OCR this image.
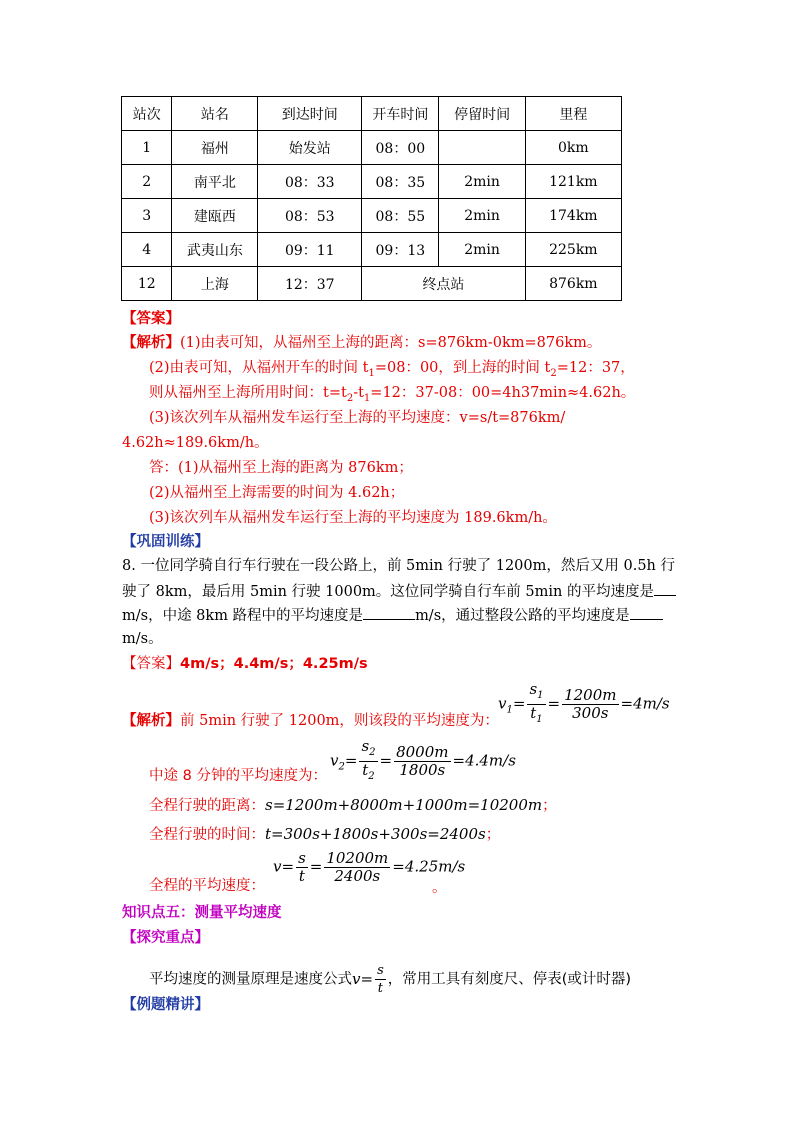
站次	站名	到达时间	开车时间	停留时间	里程
1	福州	始发站	08：00		0km
2	南平北	08：33	08：35	2min	121km
3	建瓯西	08：53	08：55	2min	174km
4	武夷山东	09：11	09：13	2min	225km
12	上海	12：37	终点站		876km
【答案】
【解析】(1)由表可知，从福州至上海的距离：s=876km-0km=876km。
(2)由表可知，从福州开车的时间 $t_1=08$：00，到上海的时间 $t_2=12$：37，
则从福州至上海所用时间：$t=t_2-t_1=12$：37-08：00=4h37min≈4.62h。
(3)该次列车从福州发车运行至上海的平均速度：v=s/t=876km/
4.62h≈189.6km/h。
答：(1)从福州至上海的距离为 876km；
(2)从福州至上海需要的时间为 4.62h；
(3)该次列车从福州发车运行至上海的平均速度为 189.6km/h。
【巩固训练】
8. 一位同学骑自行车行驶在一段公路上，前 5min 行驶了 1200m，然后又用 0.5h 行
驶了 8km，最后用 5min 行驶 1000m。这位同学骑自行车前 5min 的平均速度是
m/s，中途 8km 路程中的平均速度是	m/s，通过整段公路的平均速度是
m/s。
【答案】4m/s；4.4m/s；4.25m/s
$v_1= \frac{s_1}{t_1} = \frac{1200m}{300s} =4m/s$
【解析】前 5min 行驶了 1200m，则该段的平均速度为：
$v_2= \frac{s_2}{t_2} = \frac{8000m}{1800s} =4.4m/s$
中途 8 分钟的平均速度为：
全程行驶的距离：s=1200m+8000m+1000m=10200m；
全程行驶的时间：t=300s+1800s+300s=2400s；
全程的平均速度：
$v= \frac{s}{t} = \frac{10200m}{2400s} =4.25m/s$
。
知识点五：测量平均速度
【探究重点】
平均速度的测量原理是速度公式$v= \frac{s}{t}$ ，常用工具有刻度尺、停表(或计时器)
【例题精讲】
